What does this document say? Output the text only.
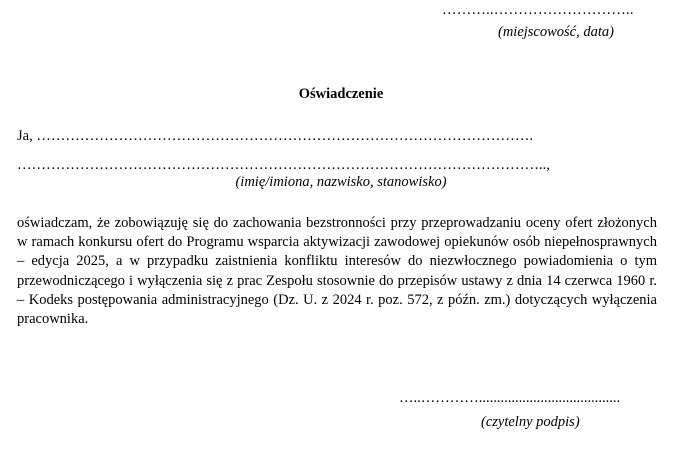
………..………………………..
(miejscowość, data)
Oświadczenie
Ja, ………………………………………………………………………………………….
………………………………………………………………………………………………..,
(imię/imiona, nazwisko, stanowisko)
oświadczam, że zobowiązuję się do zachowania bezstronności przy przeprowadzaniu oceny ofert złożonych w ramach konkursu ofert do Programu wsparcia aktywizacji zawodowej opiekunów osób niepełnosprawnych – edycja 2025, a w przypadku zaistnienia konfliktu interesów do niezwłocznego powiadomienia o tym przewodniczącego i wyłączenia się z prac Zespołu stosownie do przepisów ustawy z dnia 14 czerwca 1960 r. – Kodeks postępowania administracyjnego (Dz. U. z 2024 r. poz. 572, z późn. zm.) dotyczących wyłączenia pracownika.
…..………….......................................
(czytelny podpis)
